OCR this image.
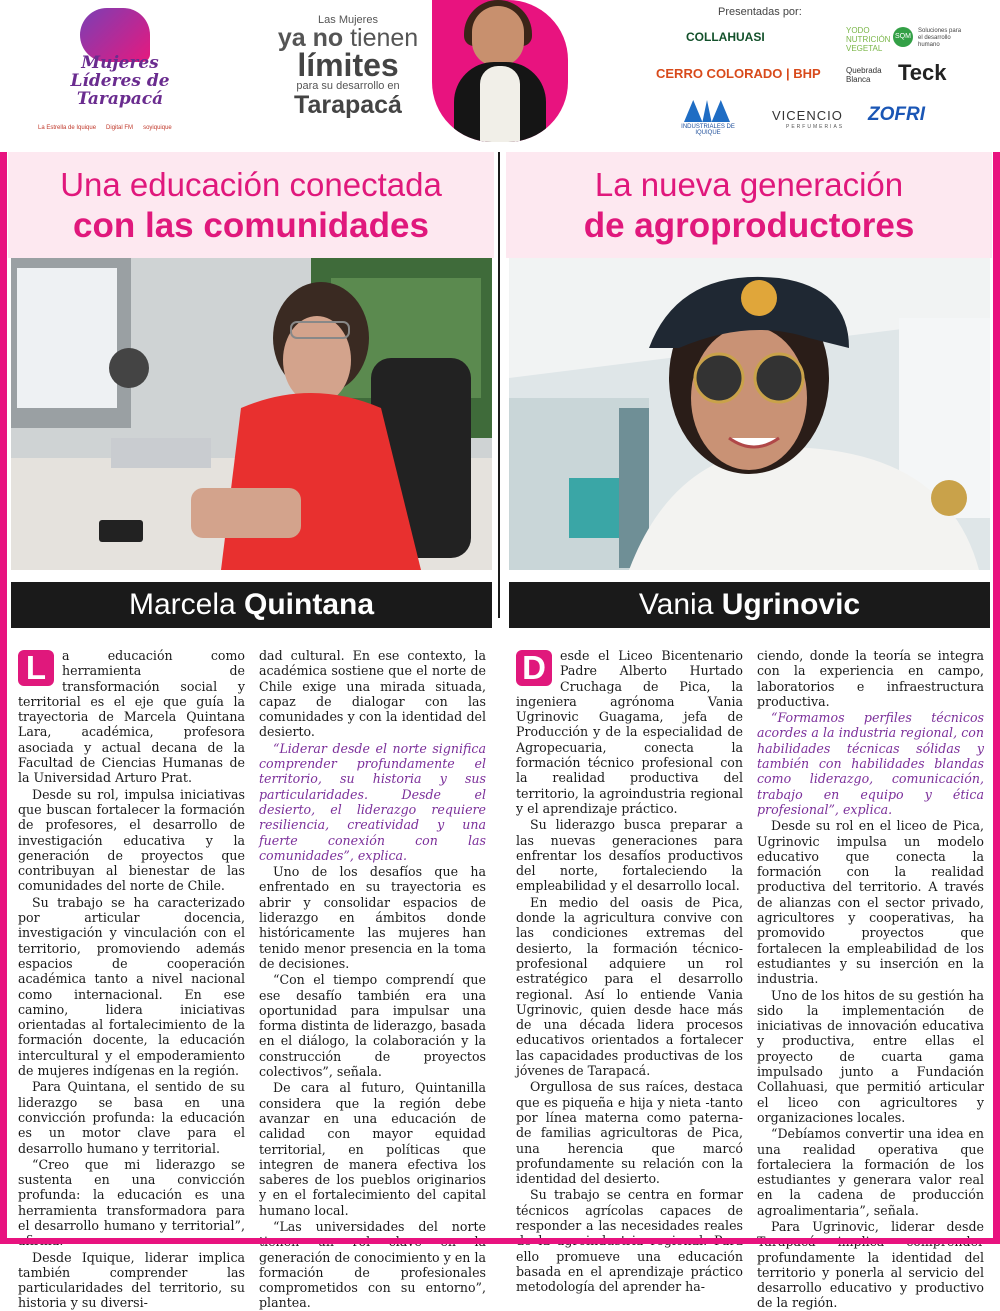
Mujeres Líderes de Tarapacá
La Estrella de Iquique Digital FM soyiquique
Las Mujeres
ya no tienen
límites
para su desarrollo en
Tarapacá
Presentadas por:
COLLAHUASI	YODO NUTRICIÓN VEGETAL
SQM
Soluciones para el desarrollo humano
CERRO COLORADO | BHP	Quebrada Blanca	Teck
INDUSTRIALES DE IQUIQUE
VICENCIO
PERFUMERIAS
ZOFRI
Una educación conectada
con las comunidades
Marcela Quintana

L	a educación como herramienta de transformación social y territorial es el eje que guía la trayectoria de Marcela Quintana Lara, académica, profesora asociada y actual decana de la Facultad de Ciencias Humanas de la Universidad Arturo Prat.

Desde su rol, impulsa iniciativas que buscan fortalecer la formación de profesores, el desarrollo de investigación educativa y la generación de proyectos que contribuyan al bienestar de las comunidades del norte de Chile.

Su trabajo se ha caracterizado por articular docencia, investigación y vinculación con el territorio, promoviendo además espacios de cooperación académica tanto a nivel nacional como internacional. En ese camino, lidera iniciativas orientadas al fortalecimiento de la formación docente, la educación intercultural y el empoderamiento de mujeres indígenas en la región.

Para Quintana, el sentido de su liderazgo se basa en una convicción profunda: la educación es un motor clave para el desarrollo humano y territorial.

“Creo que mi liderazgo se sustenta en una convicción profunda: la educación es una herramienta transformadora para el desarrollo humano y territorial”,

Desde Iquique, liderar implica también comprender las particularidades del territorio, su historia y su diversi-

dad cultural. En ese contexto, la académica sostiene que el norte de Chile exige una mirada situada, capaz de dialogar con las comunidades y con la identidad del desierto.

“Liderar desde el norte significa comprender profundamente el territorio, su historia y sus particularidades. Desde el desierto, el liderazgo requiere resiliencia, creatividad y una fuerte conexión con las comunidades”, explica.

Uno de los desafíos que ha enfrentado en su trayectoria es abrir y consolidar espacios de liderazgo en ámbitos donde históricamente las mujeres han tenido menor presencia en la toma de decisiones.

“Con el tiempo comprendí que ese desafío también era una oportunidad para impulsar una forma distinta de liderazgo, basada en el diálogo, la colaboración y la construcción de proyectos colectivos”, señala.

De cara al futuro, Quintanilla considera que la región debe avanzar en una educación de calidad con mayor equidad territorial, en políticas que integren de manera efectiva los saberes de los pueblos originarios y en el fortalecimiento del capital humano local.

“Las universidades del norte generación de conocimiento y en la formación de profesionales comprometidos con su entorno”, plantea.

La nueva generación
de agroproductores
Vania Ugrinovic

D	esde el Liceo Bicentenario Padre Alberto Hurtado Cruchaga de Pica, la ingeniera agrónoma Vania Ugrinovic Guagama, jefa de Producción y de la especialidad de Agropecuaria, conecta la formación técnico profesional con la realidad productiva del territorio, la agroindustria regional y el aprendizaje práctico.

Su liderazgo busca preparar a las nuevas generaciones para enfrentar los desafíos productivos del norte, fortaleciendo la empleabilidad y el desarrollo local.

En medio del oasis de Pica, donde la agricultura convive con las condiciones extremas del desierto, la formación técnico-profesional adquiere un rol estratégico para el desarrollo regional. Así lo entiende Vania Ugrinovic, quien desde hace más de una década lidera procesos educativos orientados a fortalecer las capacidades productivas de los jóvenes de Tarapacá.

Orgullosa de sus raíces, destaca que es piqueña e hija y nieta -tanto por línea materna como paterna- de familias agricultoras de Pica, una herencia que marcó profundamente su relación con la identidad del desierto.

Su trabajo se centra en formar técnicos agrícolas capaces de responder a las necesidades reales ello promueve una educación basada en el aprendizaje práctico metodología del aprender ha-

ciendo, donde la teoría se integra con la experiencia en campo, laboratorios e infraestructura productiva.

“Formamos perfiles técnicos acordes a la industria regional, con habilidades técnicas sólidas y también con habilidades blandas como liderazgo, comunicación, trabajo en equipo y ética profesional”, explica.

Desde su rol en el liceo de Pica, Ugrinovic impulsa un modelo educativo que conecta la formación con la realidad productiva del territorio. A través de alianzas con el sector privado, agricultores y cooperativas, ha promovido proyectos que fortalecen la empleabilidad de los estudiantes y su inserción en la industria.

Uno de los hitos de su gestión ha sido la implementación de iniciativas de innovación educativa y productiva, entre ellas el proyecto de cuarta gama impulsado junto a Fundación Collahuasi, que permitió articular el liceo con agricultores y organizaciones locales.

“Debíamos convertir una idea en una realidad operativa que fortaleciera la formación de los estudiantes y generara valor real en la cadena de producción agroalimentaria”, señala.

Para Ugrinovic, liderar desde profundamente la identidad del territorio y ponerla al servicio del desarrollo educativo y productivo de la región.
